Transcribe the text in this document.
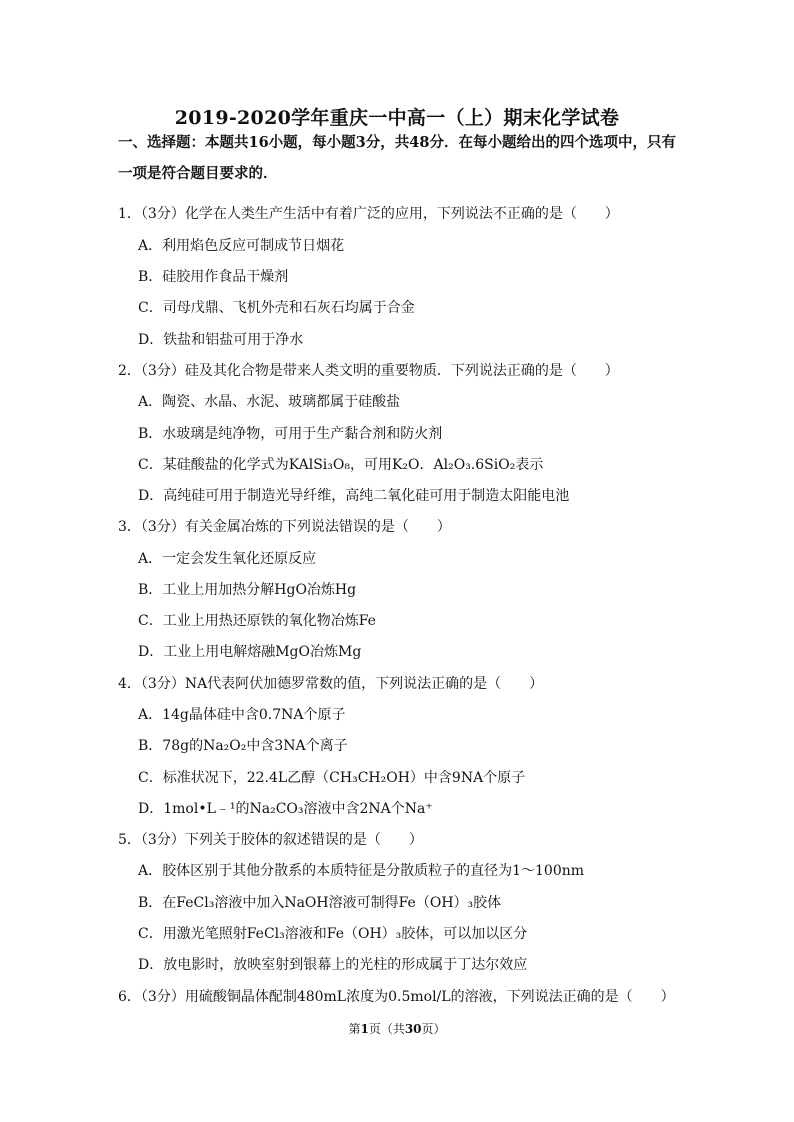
2019-2020学年重庆一中高一（上）期末化学试卷
一、选择题：本题共16小题，每小题3分，共48分．在每小题给出的四个选项中，只有
一项是符合题目要求的．
1．（3分）化学在人类生产生活中有着广泛的应用，下列说法不正确的是（　　）
A．利用焰色反应可制成节日烟花
B．硅胶用作食品干燥剂
C．司母戊鼎、飞机外壳和石灰石均属于合金
D．铁盐和铝盐可用于净水
2．（3分）硅及其化合物是带来人类文明的重要物质．下列说法正确的是（　　）
A．陶瓷、水晶、水泥、玻璃都属于硅酸盐
B．水玻璃是纯净物，可用于生产黏合剂和防火剂
C．某硅酸盐的化学式为KAlSi₃O₈，可用K₂O．Al₂O₃.6SiO₂表示
D．高纯硅可用于制造光导纤维，高纯二氧化硅可用于制造太阳能电池
3．（3分）有关金属冶炼的下列说法错误的是（　　）
A．一定会发生氧化还原反应
B．工业上用加热分解HgO冶炼Hg
C．工业上用热还原铁的氧化物冶炼Fe
D．工业上用电解熔融MgO冶炼Mg
4．（3分）NA代表阿伏加德罗常数的值，下列说法正确的是（　　）
A．14g晶体硅中含0.7NA个原子
B．78g的Na₂O₂中含3NA个离子
C．标准状况下，22.4L乙醇（CH₃CH₂OH）中含9NA个原子
D．1mol•L﹣¹的Na₂CO₃溶液中含2NA个Na⁺
5．（3分）下列关于胶体的叙述错误的是（　　）
A．胶体区别于其他分散系的本质特征是分散质粒子的直径为1～100nm
B．在FeCl₃溶液中加入NaOH溶液可制得Fe（OH）₃胶体
C．用激光笔照射FeCl₃溶液和Fe（OH）₃胶体，可以加以区分
D．放电影时，放映室射到银幕上的光柱的形成属于丁达尔效应
6．（3分）用硫酸铜晶体配制480mL浓度为0.5mol/L的溶液，下列说法正确的是（　　）
第1页（共30页）
